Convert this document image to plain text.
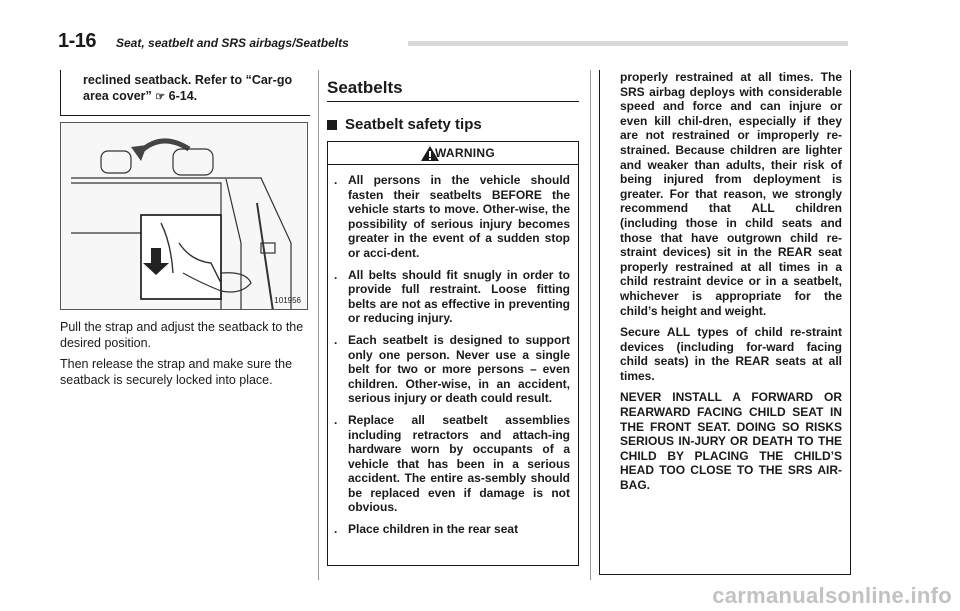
1-16 Seat, seatbelt and SRS airbags/Seatbelts
reclined seatback. Refer to “Car-go area cover” ☞ 6-14.
101956

Pull the strap and adjust the seatback to the desired position.

Then release the strap and make sure the seatback is securely locked into place.

Seatbelts
Seatbelt safety tips
WARNING
. All persons in the vehicle should fasten their seatbelts BEFORE the vehicle starts to move. Other-wise, the possibility of serious injury becomes greater in the event of a sudden stop or acci-dent.
. All belts should fit snugly in order to provide full restraint. Loose fitting belts are not as effective in preventing or reducing injury.
. Each seatbelt is designed to support only one person. Never use a single belt for two or more persons – even children. Other-wise, in an accident, serious injury or death could result.
. Replace all seatbelt assemblies including retractors and attach-ing hardware worn by occupants of a vehicle that has been in a serious accident. The entire as-sembly should be replaced even if damage is not obvious.
. Place children in the rear seat

properly restrained at all times. The SRS airbag deploys with considerable speed and force and can injure or even kill chil-dren, especially if they are not restrained or improperly re-strained. Because children are lighter and weaker than adults, their risk of being injured from deployment is greater. For that reason, we strongly recommend that ALL children (including those in child seats and those that have outgrown child re-straint devices) sit in the REAR seat properly restrained at all times in a child restraint device or in a seatbelt, whichever is appropriate for the child’s height and weight.

Secure ALL types of child re-straint devices (including for-ward facing child seats) in the REAR seats at all times.

NEVER INSTALL A FORWARD OR REARWARD FACING CHILD SEAT IN THE FRONT SEAT. DOING SO RISKS SERIOUS IN-JURY OR DEATH TO THE CHILD BY PLACING THE CHILD’S HEAD TOO CLOSE TO THE SRS AIR-BAG.

carmanualsonline.info
